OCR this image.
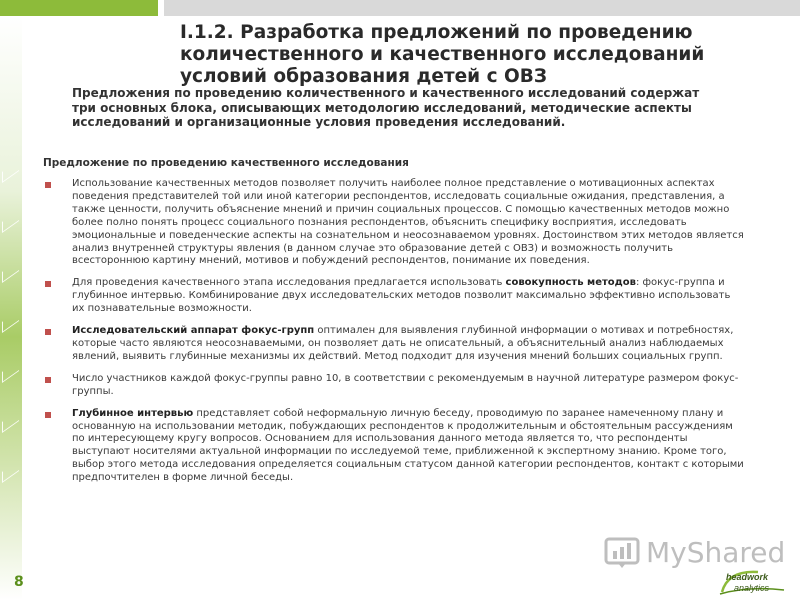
I.1.2. Разработка предложений по проведению количественного и качественного исследований условий образования детей с ОВЗ
Предложения по проведению количественного и качественного исследований содержат три основных блока, описывающих методологию исследований, методические аспекты исследований и организационные условия проведения исследований.
Предложение по проведению качественного исследования
Использование качественных методов позволяет получить наиболее полное представление о мотивационных аспектах поведения представителей той или иной категории респондентов, исследовать социальные ожидания, представления, а также ценности, получить объяснение мнений и причин социальных процессов. С помощью качественных методов можно более полно понять процесс социального познания респондентов, объяснить специфику восприятия, исследовать эмоциональные и поведенческие аспекты на сознательном и неосознаваемом уровнях. Достоинством этих методов является анализ внутренней структуры явления (в данном случае это образование детей с ОВЗ) и возможность получить всестороннюю картину мнений, мотивов и побуждений респондентов, понимание их поведения.
Для проведения качественного этапа исследования предлагается использовать совокупность методов: фокус-группа и глубинное интервью. Комбинирование двух исследовательских методов позволит максимально эффективно использовать их познавательные возможности.
Исследовательский аппарат фокус-групп оптимален для выявления глубинной информации о мотивах и потребностях, которые часто являются неосознаваемыми, он позволяет дать не описательный, а объяснительный анализ наблюдаемых явлений, выявить глубинные механизмы их действий. Метод подходит для изучения мнений больших социальных групп.
Число участников каждой фокус-группы равно 10, в соответствии с рекомендуемым в научной литературе размером фокус-группы.
Глубинное интервью представляет собой неформальную личную беседу, проводимую по заранее намеченному плану и основанную на использовании методик, побуждающих респондентов к продолжительным и обстоятельным рассуждениям по интересующему кругу вопросов. Основанием для использования данного метода является то, что респонденты выступают носителями актуальной информации по исследуемой теме, приближенной к экспертному знанию. Кроме того, выбор этого метода исследования определяется социальным статусом данной категории респондентов, контакт с которыми предпочтителен в форме личной беседы.
8
MyShared
headwork
analytics
